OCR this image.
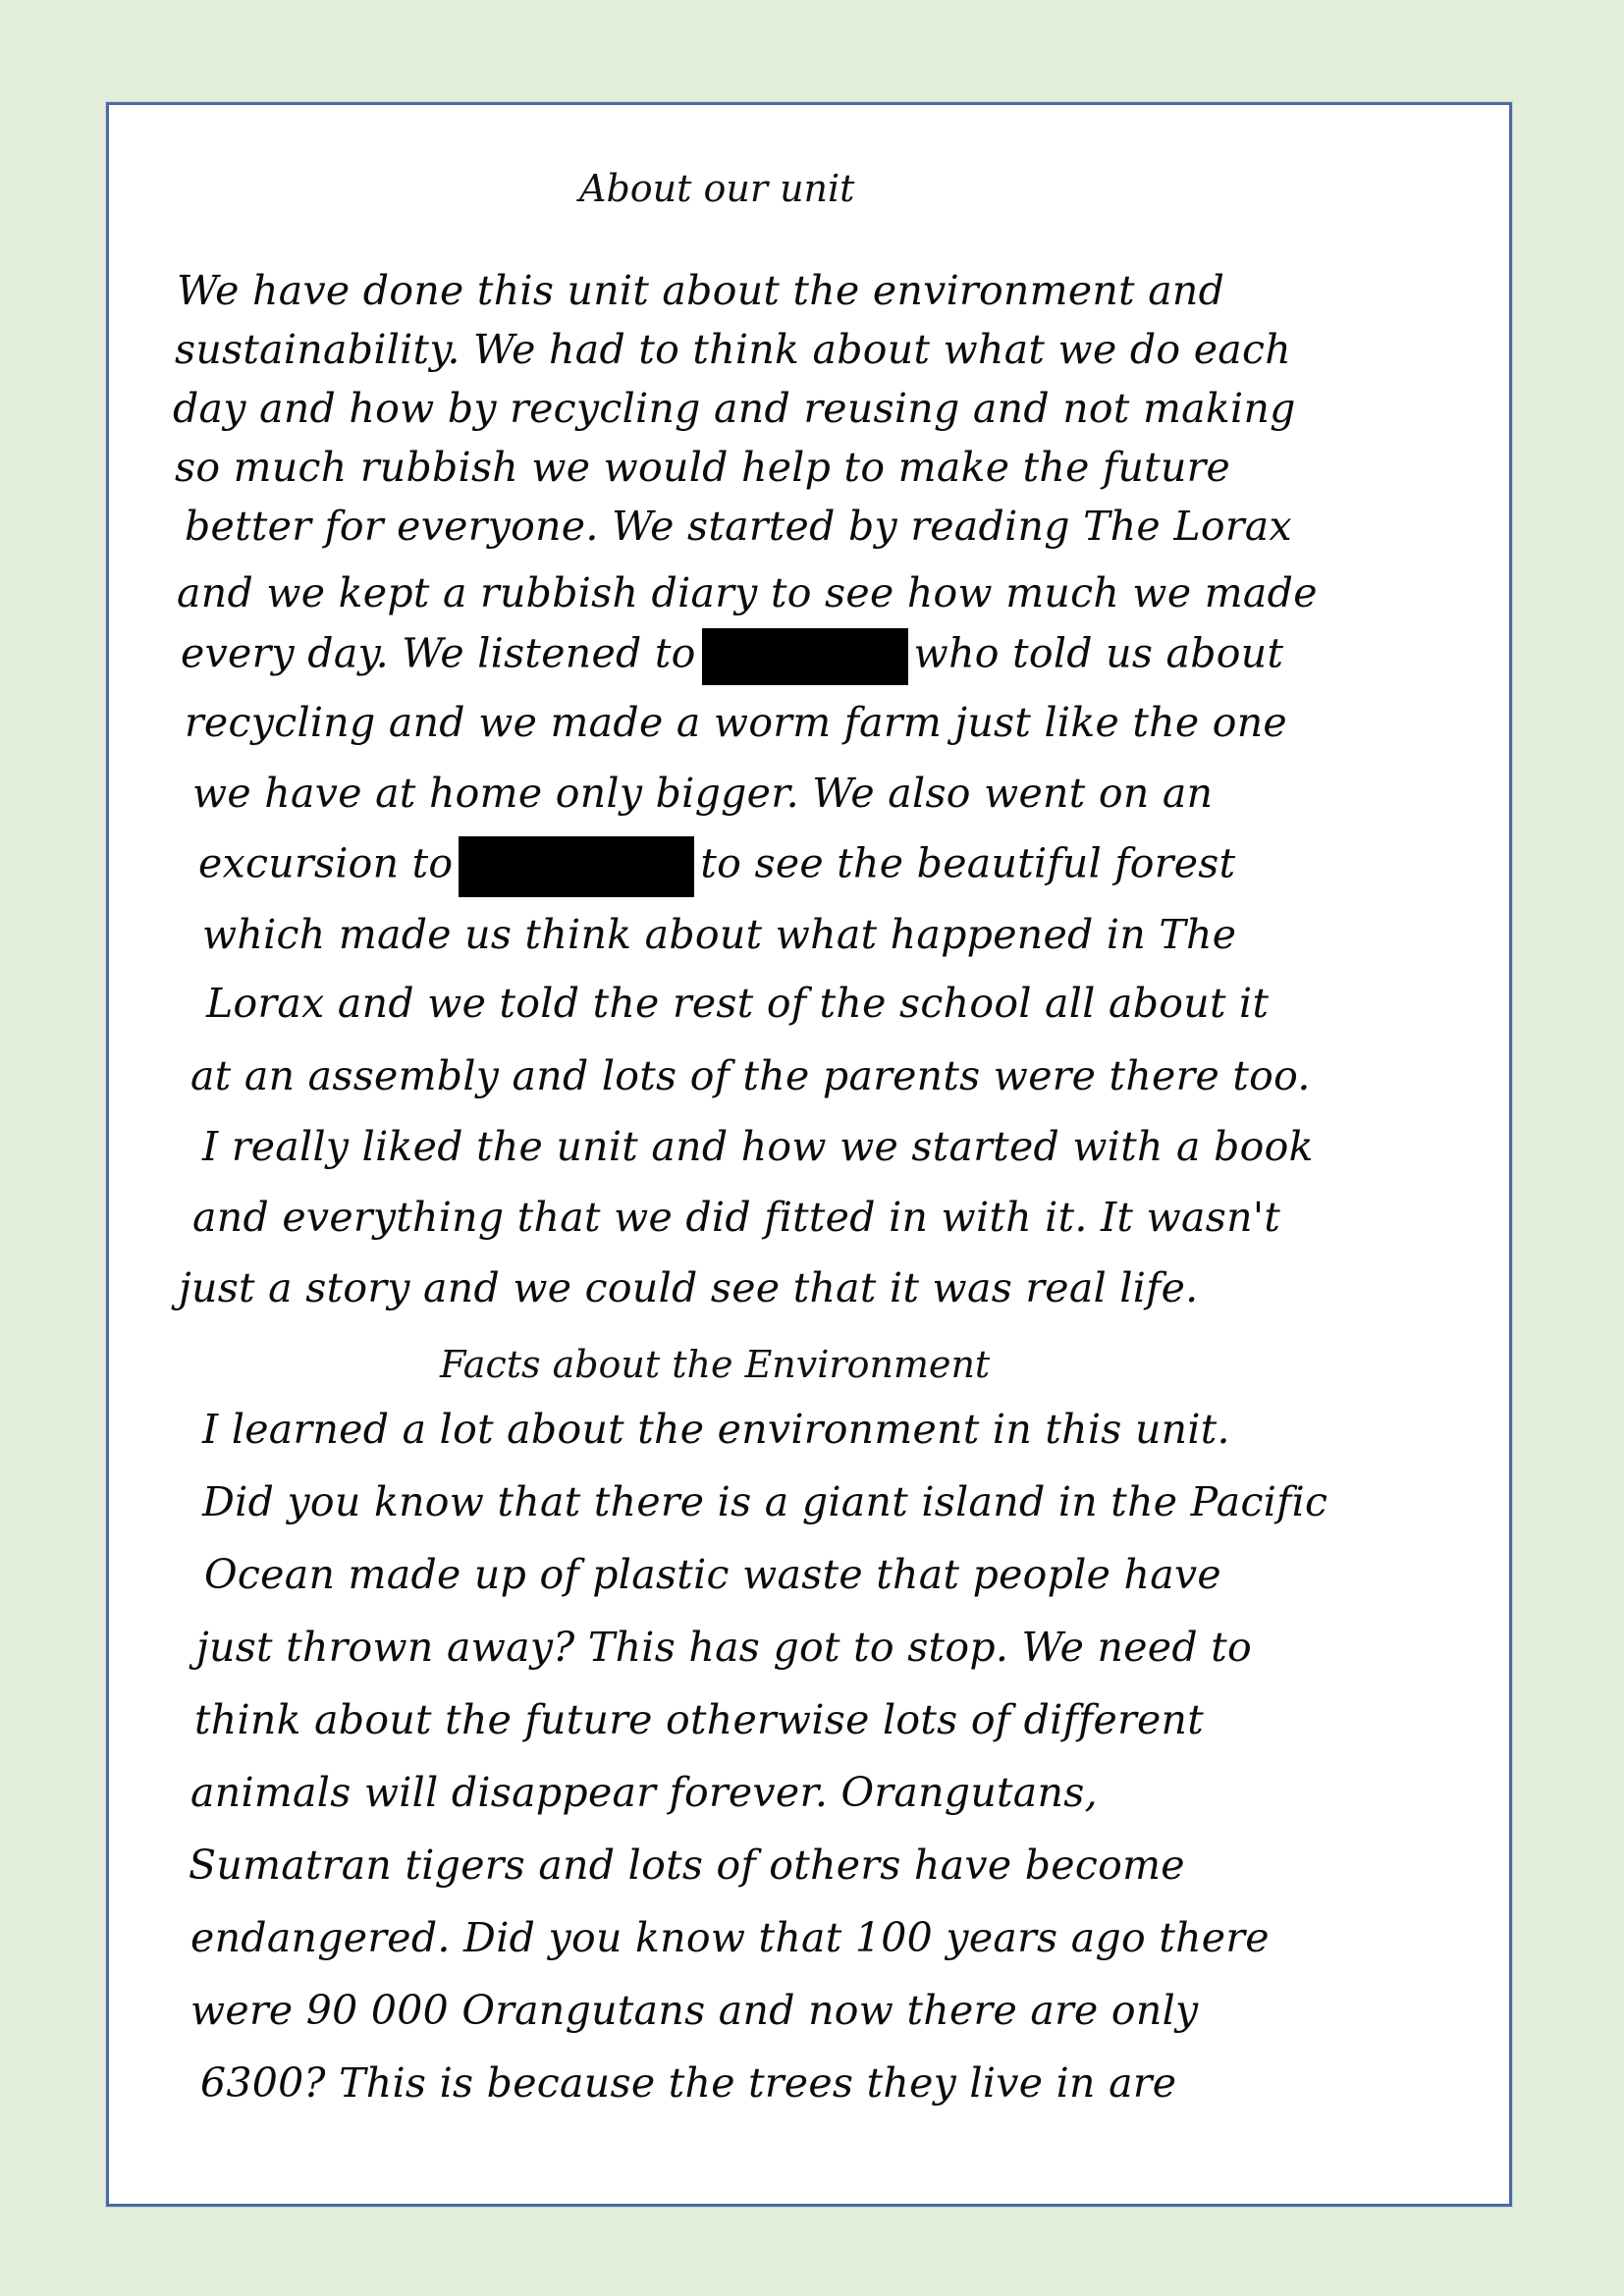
About our unit
We have done this unit about the environment and
sustainability. We had to think about what we do each
day and how by recycling and reusing and not making
so much rubbish we would help to make the future
better for everyone. We started by reading The Lorax
and we kept a rubbish diary to see how much we made
every day. We listened to	who told us about
recycling and we made a worm farm just like the one
we have at home only bigger. We also went on an
excursion to	to see the beautiful forest
which made us think about what happened in The
Lorax and we told the rest of the school all about it
at an assembly and lots of the parents were there too.
I really liked the unit and how we started with a book
and everything that we did fitted in with it. It wasn't
just a story and we could see that it was real life.
Facts about the Environment
I learned a lot about the environment in this unit.
Did you know that there is a giant island in the Pacific
Ocean made up of plastic waste that people have
just thrown away? This has got to stop. We need to
think about the future otherwise lots of different
animals will disappear forever. Orangutans,
Sumatran tigers and lots of others have become
endangered. Did you know that 100 years ago there
were 90 000 Orangutans and now there are only
6300? This is because the trees they live in are
